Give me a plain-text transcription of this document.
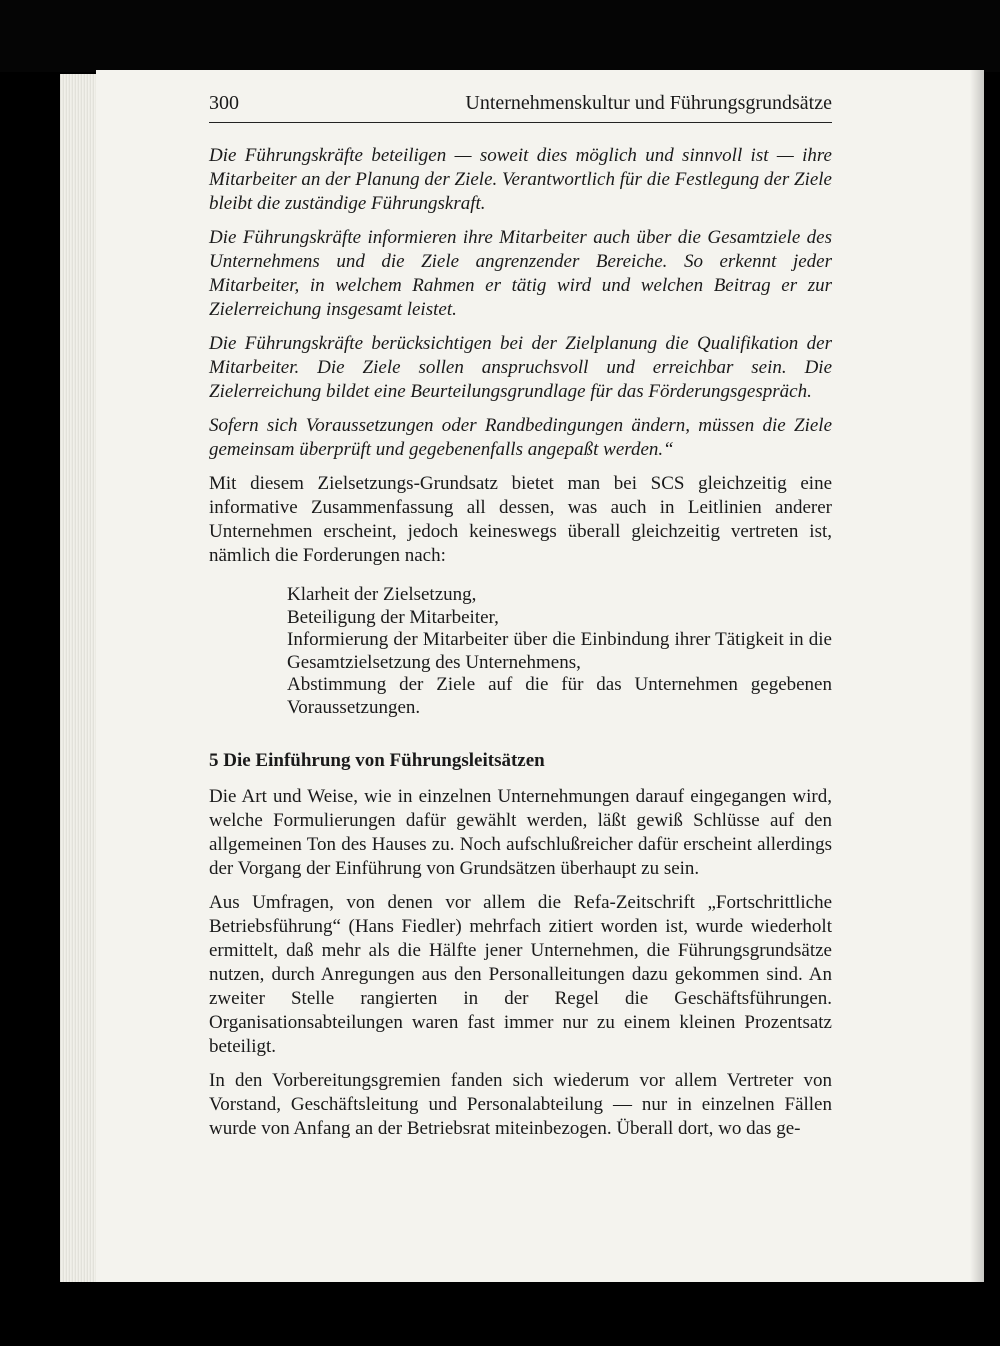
300	Unternehmenskultur und Führungsgrundsätze

Die Führungskräfte beteiligen — soweit dies möglich und sinnvoll ist — ihre Mitarbeiter an der Planung der Ziele. Verantwortlich für die Festlegung der Ziele bleibt die zuständige Führungskraft.

Die Führungskräfte informieren ihre Mitarbeiter auch über die Gesamtziele des Unternehmens und die Ziele angrenzender Bereiche. So erkennt jeder Mitarbeiter, in welchem Rahmen er tätig wird und welchen Beitrag er zur Zielerreichung insgesamt leistet.

Die Führungskräfte berücksichtigen bei der Zielplanung die Qualifikation der Mitarbeiter. Die Ziele sollen anspruchsvoll und erreichbar sein. Die Zielerreichung bildet eine Beurteilungsgrundlage für das Förderungsgespräch.

Sofern sich Voraussetzungen oder Randbedingungen ändern, müssen die Ziele gemeinsam überprüft und gegebenenfalls angepaßt werden.“

Mit diesem Zielsetzungs-Grundsatz bietet man bei SCS gleichzeitig eine informative Zusammenfassung all dessen, was auch in Leitlinien anderer Unternehmen erscheint, jedoch keineswegs überall gleichzeitig vertreten ist, nämlich die Forderungen nach:

Klarheit der Zielsetzung,
Beteiligung der Mitarbeiter,
Informierung der Mitarbeiter über die Einbindung ihrer Tätigkeit in die Gesamtzielsetzung des Unternehmens,
Abstimmung der Ziele auf die für das Unternehmen gegebenen Voraussetzungen.
5 Die Einführung von Führungsleitsätzen

Die Art und Weise, wie in einzelnen Unternehmungen darauf eingegangen wird, welche Formulierungen dafür gewählt werden, läßt gewiß Schlüsse auf den allgemeinen Ton des Hauses zu. Noch aufschlußreicher dafür erscheint allerdings der Vorgang der Einführung von Grundsätzen überhaupt zu sein.

Aus Umfragen, von denen vor allem die Refa-Zeitschrift „Fortschrittliche Betriebsführung“ (Hans Fiedler) mehrfach zitiert worden ist, wurde wiederholt ermittelt, daß mehr als die Hälfte jener Unternehmen, die Führungsgrundsätze nutzen, durch Anregungen aus den Personalleitungen dazu gekommen sind. An zweiter Stelle rangierten in der Regel die Geschäftsführungen. Organisationsabteilungen waren fast immer nur zu einem kleinen Prozentsatz beteiligt.

In den Vorbereitungsgremien fanden sich wiederum vor allem Vertreter von Vorstand, Geschäftsleitung und Personalabteilung — nur in einzelnen Fällen wurde von Anfang an der Betriebsrat miteinbezogen. Überall dort, wo das ge-
